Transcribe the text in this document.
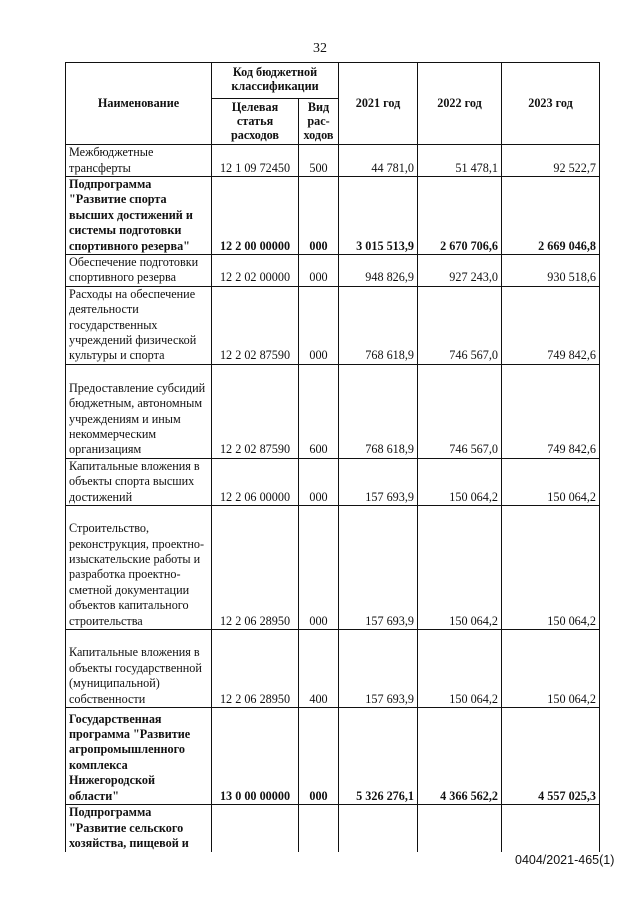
32
Наименование	Код бюджетной классификации		2021 год	2022 год	2023 год
	Целевая статья расходов	Вид рас-ходов			
Межбюджетные трансферты	12 1 09 72450	500	44 781,0	51 478,1	92 522,7
Подпрограмма "Развитие спорта высших достижений и системы подготовки спортивного резерва"	12 2 00 00000	000	3 015 513,9	2 670 706,6	2 669 046,8
Обеспечение подготовки спортивного резерва	12 2 02 00000	000	948 826,9	927 243,0	930 518,6
Расходы на обеспечение деятельности государственных учреждений физической культуры и спорта	12 2 02 87590	000	768 618,9	746 567,0	749 842,6
Предоставление субсидий бюджетным, автономным учреждениям и иным некоммерческим организациям	12 2 02 87590	600	768 618,9	746 567,0	749 842,6
Капитальные вложения в объекты спорта высших достижений	12 2 06 00000	000	157 693,9	150 064,2	150 064,2
Строительство, реконструкция, проектно-изыскательские работы и разработка проектно-сметной документации объектов капитального строительства	12 2 06 28950	000	157 693,9	150 064,2	150 064,2
Капитальные вложения в объекты государственной (муниципальной) собственности	12 2 06 28950	400	157 693,9	150 064,2	150 064,2
Государственная программа "Развитие агропромышленного комплекса Нижегородской области"	13 0 00 00000	000	5 326 276,1	4 366 562,2	4 557 025,3
Подпрограмма "Развитие сельского хозяйства, пищевой и					
0404/2021-465(1)
